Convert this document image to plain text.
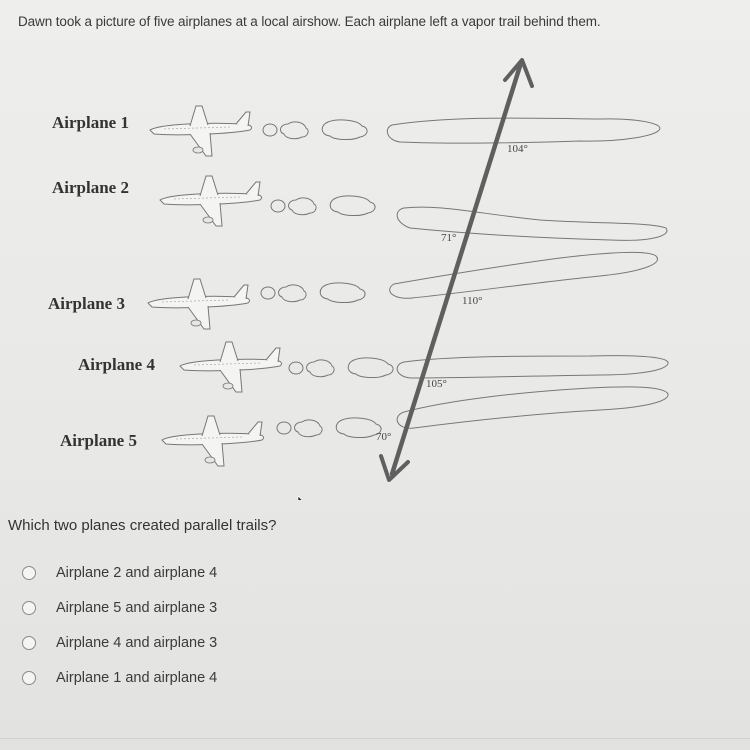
Dawn took a picture of five airplanes at a local airshow. Each airplane left a vapor trail behind them.

Airplane 1
104°
Airplane 2
71°
Airplane 3	110°
Airplane 4
105°
Airplane 5	70°

Which two planes created parallel trails?

Airplane 2 and airplane 4
Airplane 5 and airplane 3
Airplane 4 and airplane 3
Airplane 1 and airplane 4
